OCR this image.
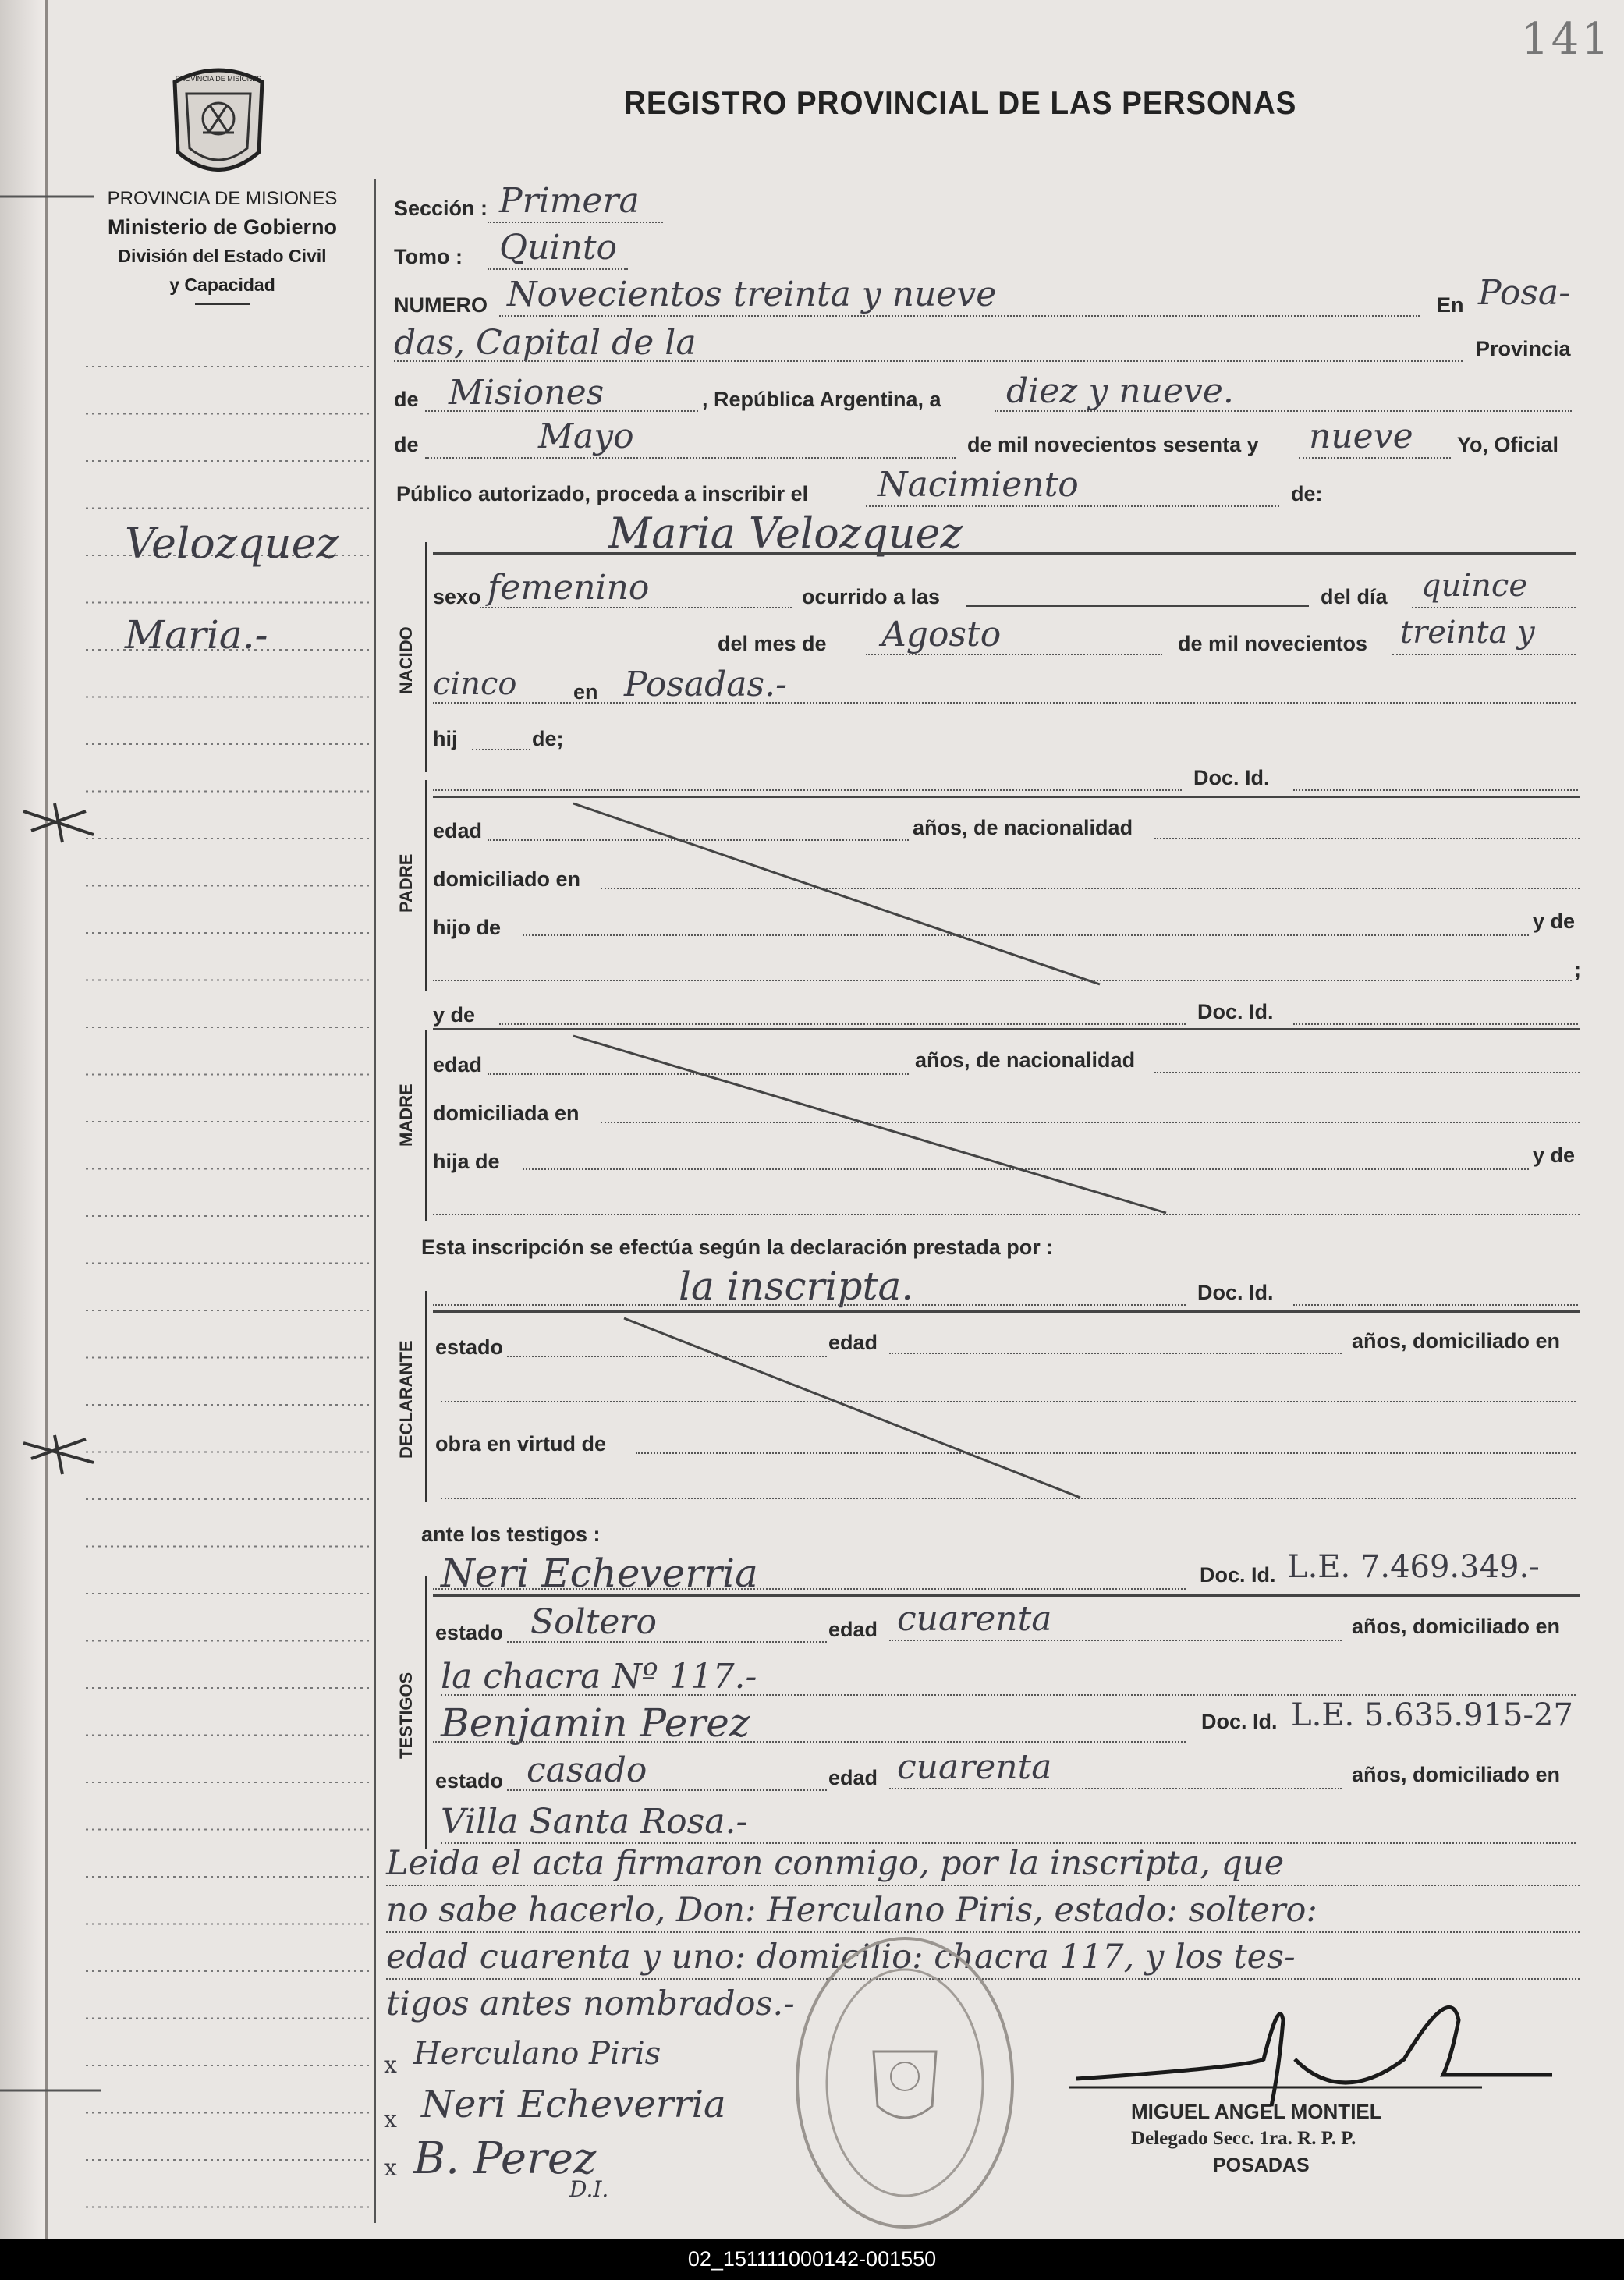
141
PROVINCIA DE MISIONES
PROVINCIA DE MISIONES
Ministerio de Gobierno
División del Estado Civil
y Capacidad
REGISTRO PROVINCIAL DE LAS PERSONAS
Velozquez
Maria.-
Sección : Primera
Tomo : Quinto
NUMERO Novecientos treinta y nueve	En Posa-
das, Capital de la	Provincia
de Misiones	, República Argentina, a diez y nueve.
de	Mayo	de mil novecientos sesenta y nueve Yo, Oficial
Público autorizado, proceda a inscribir el Nacimiento	de:
NACIDO
Maria Velozquez
sexo femenino	ocurrido a las	del día quince
del mes de Agosto	de mil novecientos treinta y
cinco	en Posadas.-
hij	de;
Doc. Id.
PADRE
edad	años, de nacionalidad
domiciliado en
hijo de	y de
;
y de	Doc. Id.
MADRE
edad	años, de nacionalidad
domiciliada en
hija de	y de
Esta inscripción se efectúa según la declaración prestada por :
la inscripta.	Doc. Id.
DECLARANTE estado	edad	años, domiciliado en
obra en virtud de
ante los testigos :
Neri Echeverria	Doc. Id. L.E. 7.469.349.-
TESTIGOS
estado Soltero	edad cuarenta	años, domiciliado en
la chacra Nº 117.-
Benjamin Perez	Doc. Id. L.E. 5.635.915-27
estado casado	edad cuarenta	años, domiciliado en
Villa Santa Rosa.-
Leida el acta firmaron conmigo, por la inscripta, que
no sabe hacerlo, Don: Herculano Piris, estado: soltero:
edad cuarenta y uno: domicilio: chacra 117, y los tes-
tigos antes nombrados.-
x Herculano Piris
x Neri Echeverria
x B. Perez
D.I.
MIGUEL ANGEL MONTIEL
Delegado Secc. 1ra. R. P. P.
POSADAS
02_151111000142-001550
